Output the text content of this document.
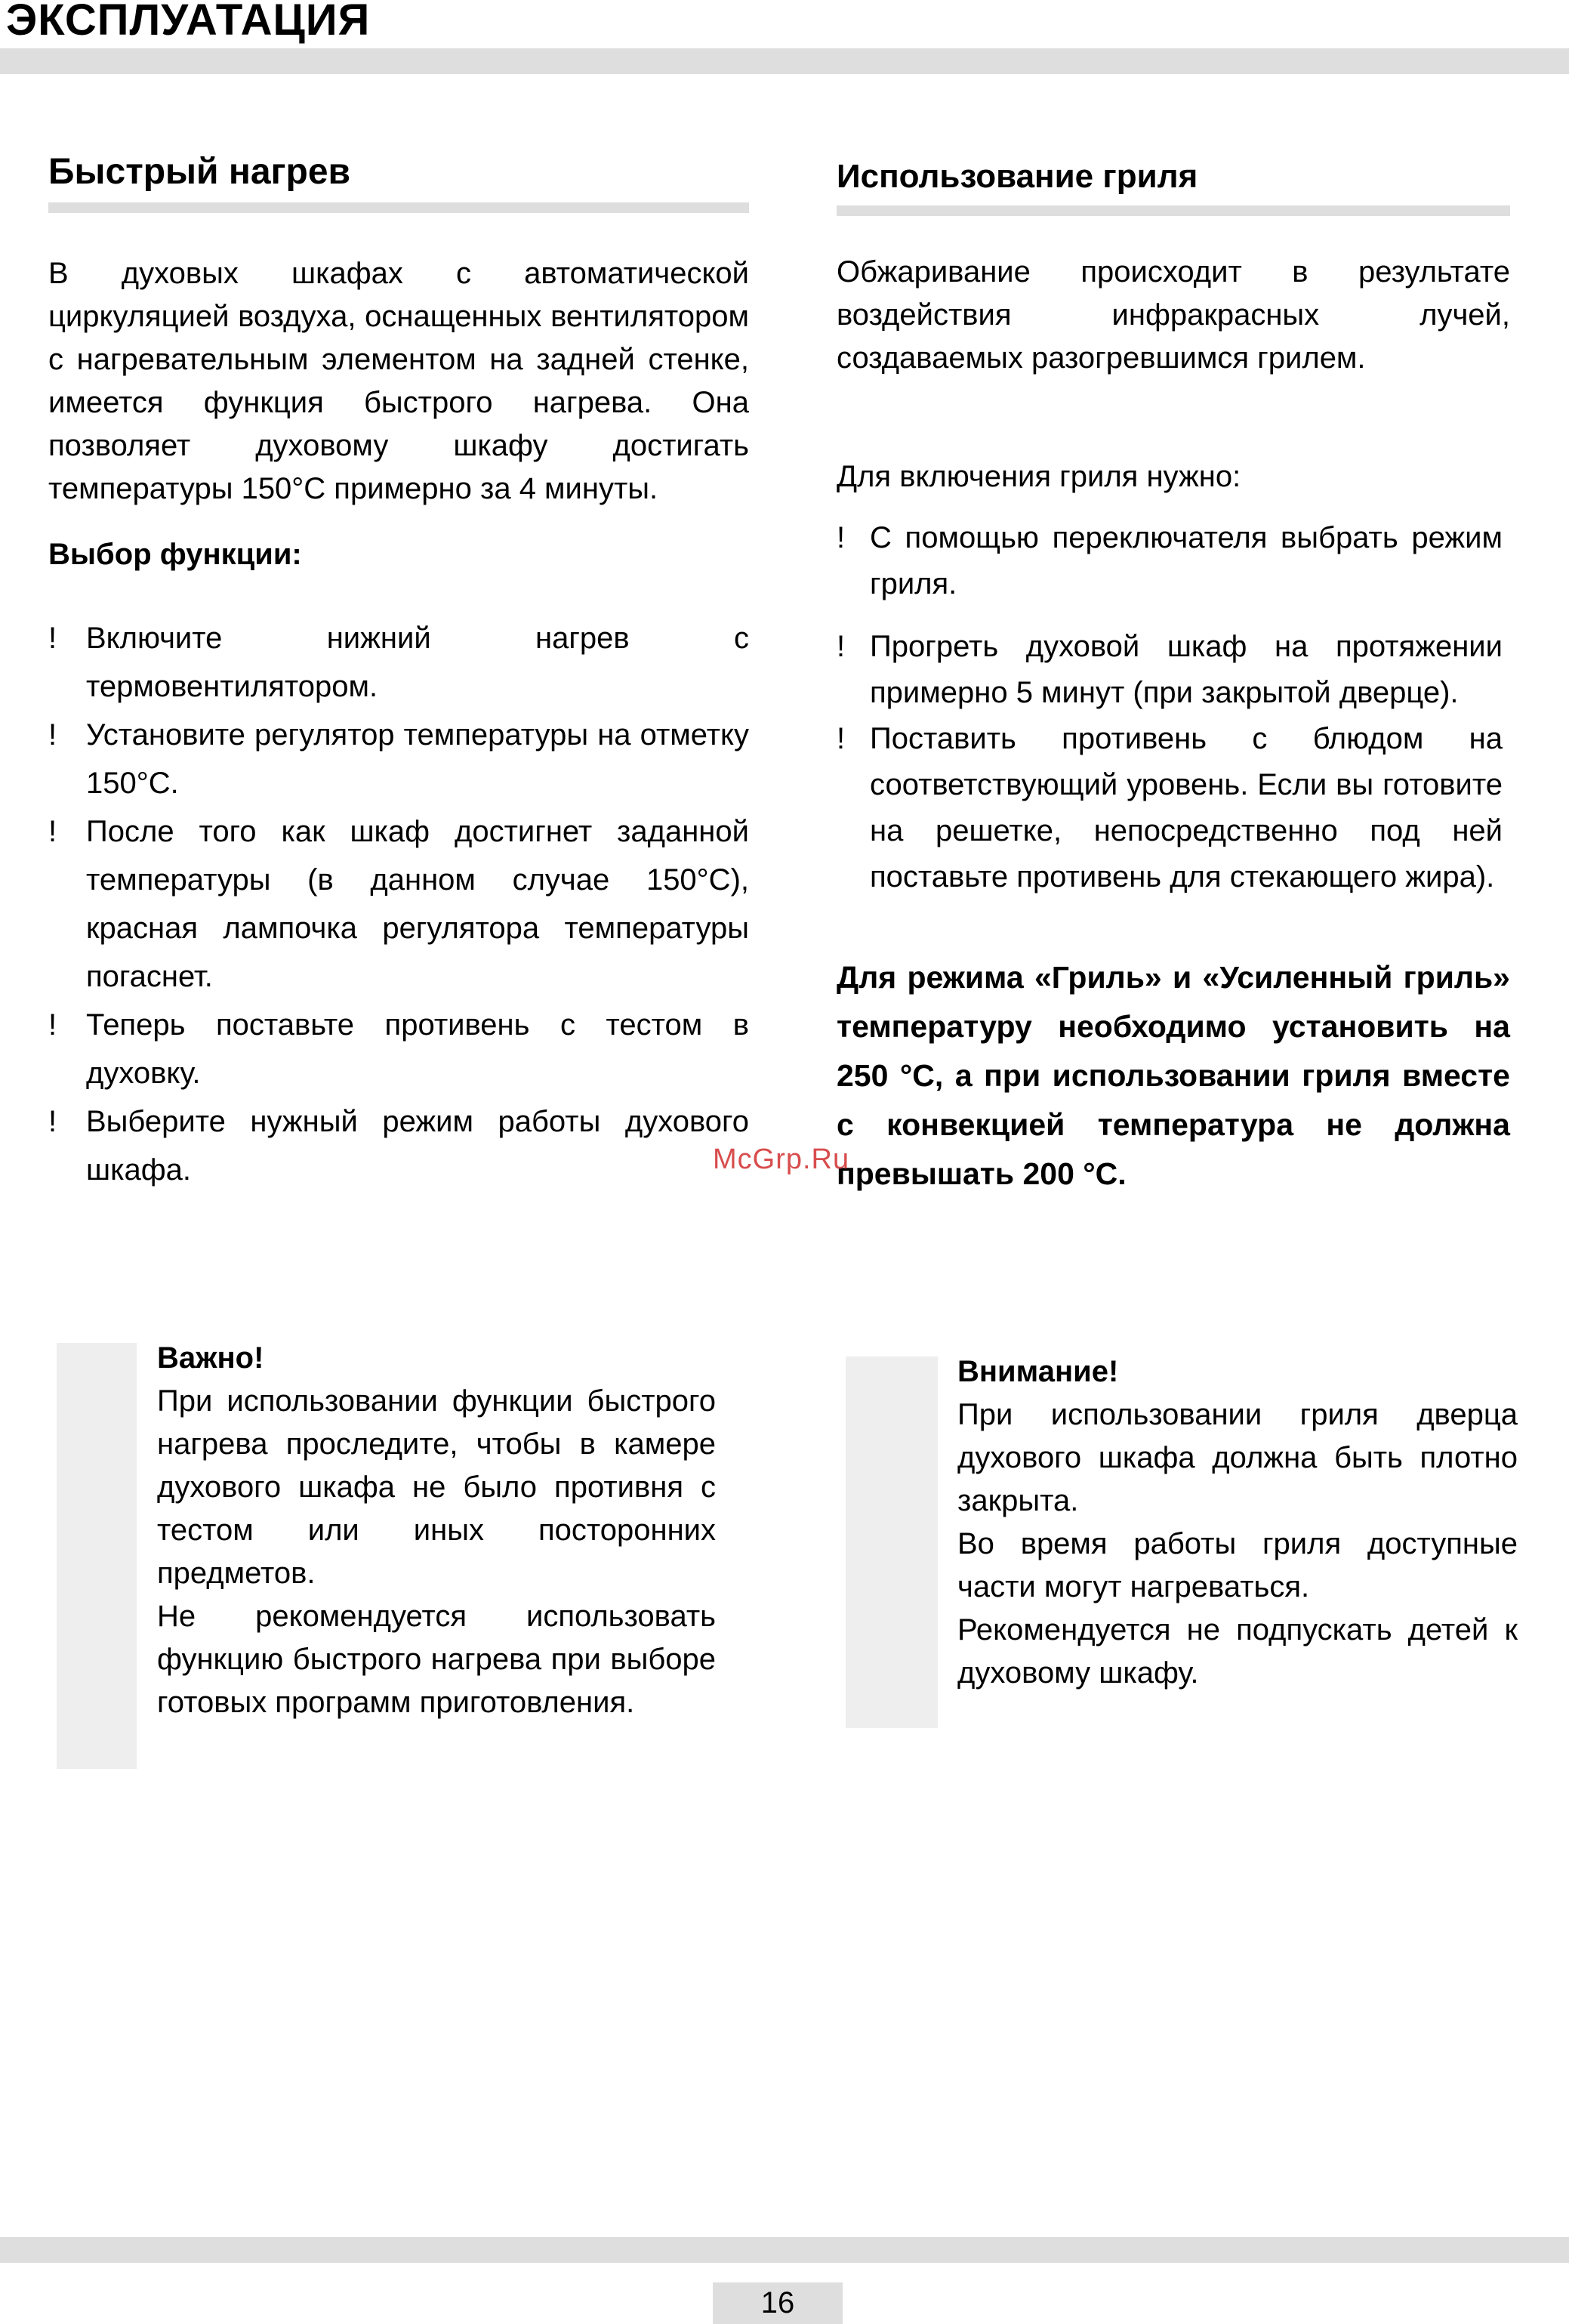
ЭКСПЛУАТАЦИЯ
Быстрый нагрев

В духовых шкафах с автоматической циркуляцией воздуха, оснащенных вентилятором с нагревательным элементом на задней стенке, имеется функция быстрого нагрева. Она позволяет духовому шкафу достигать температуры 150°C примерно за 4 минуты.

Выбор функции:

! Включите нижний нагрев с термовентилятором.
! Установите регулятор температуры на отметку 150°C.
! После того как шкаф достигнет заданной температуры (в данном случае 150°C), красная лампочка регулятора температуры погаснет.
! Теперь поставьте противень с тестом в духовку.
! Выберите нужный режим работы духового шкафа.

Важно!

При использовании функции быстрого нагрева проследите, чтобы в камере духового шкафа не было противня с тестом или иных посторонних предметов.

Не рекомендуется использовать функцию быстрого нагрева при выборе готовых программ приготовления.

Использование гриля

Обжаривание происходит в результате воздействия инфракрасных лучей, создаваемых разогревшимся грилем.

Для включения гриля нужно:

! С помощью переключателя выбрать режим гриля.
! Прогреть духовой шкаф на протяжении примерно 5 минут (при закрытой дверце).
! Поставить противень с блюдом на соответствующий уровень. Если вы готовите на решетке, непосредственно под ней поставьте противень для стекающего жира).

Для режима «Гриль» и «Усиленный гриль» температуру необходимо установить на 250 °C, а при использовании гриля вместе с конвекцией температура не должна превышать 200 °C.

Внимание!

При использовании гриля дверца духового шкафа должна быть плотно закрыта.

Во время работы гриля доступные части могут нагреваться.

Рекомендуется не подпускать детей к духовому шкафу.

McGrp.Ru
16
